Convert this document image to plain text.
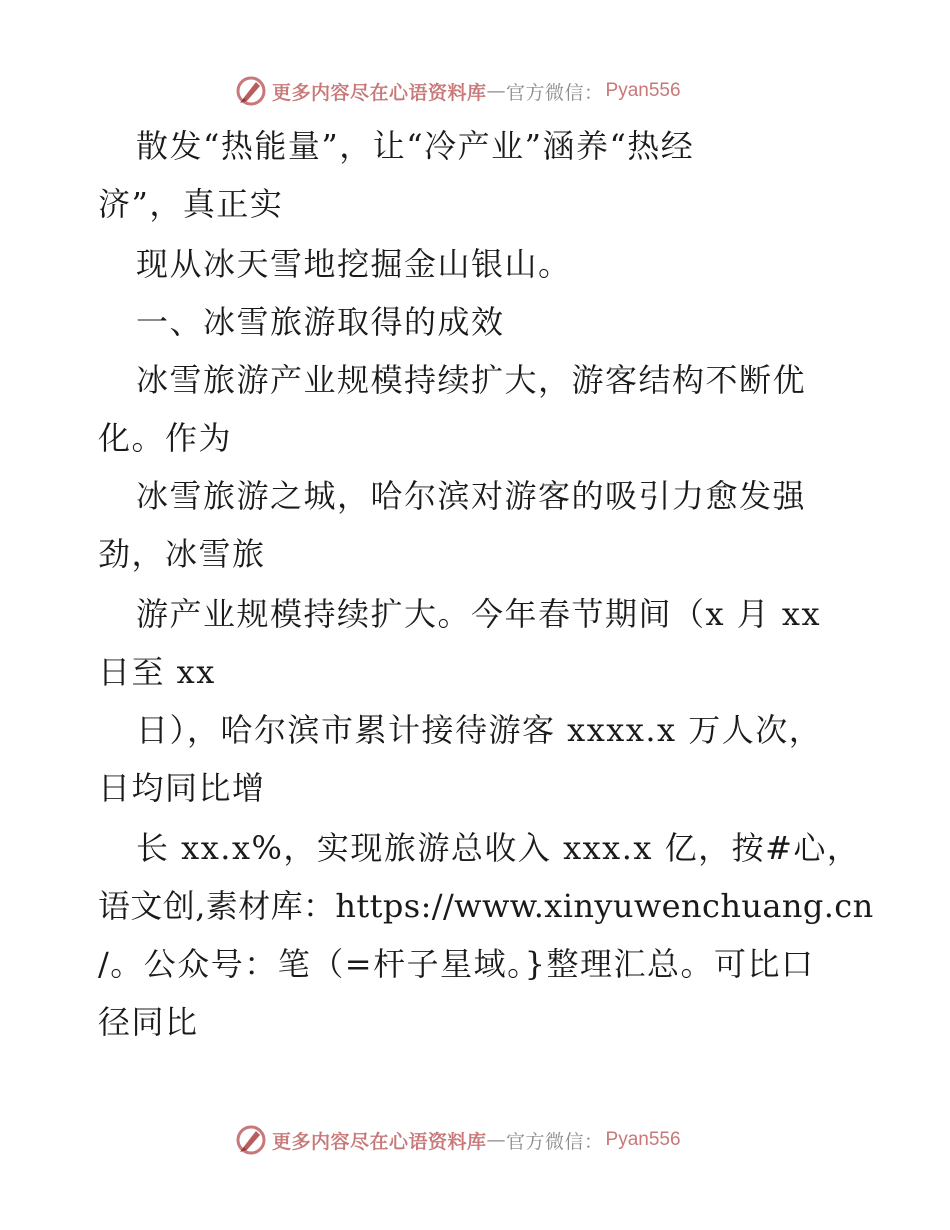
更多内容尽在心语资料库 — 官方微信： Pyan556

散发“热能量”，让“冷产业”涵养“热经

济”，真正实

现从冰天雪地挖掘金山银山。

一、冰雪旅游取得的成效

冰雪旅游产业规模持续扩大，游客结构不断优

化。作为

冰雪旅游之城，哈尔滨对游客的吸引力愈发强

劲，冰雪旅

游产业规模持续扩大。今年春节期间（x 月 xx

日至 xx

日），哈尔滨市累计接待游客 xxxx.x 万人次，

日均同比增

长 xx.x%，实现旅游总收入 xxx.x 亿，按#心，

语文创,素材库：https://www.xinyuwenchuang.cn

/。公众号：笔（=杆子星域。}整理汇总。可比口

径同比

更多内容尽在心语资料库 — 官方微信： Pyan556
